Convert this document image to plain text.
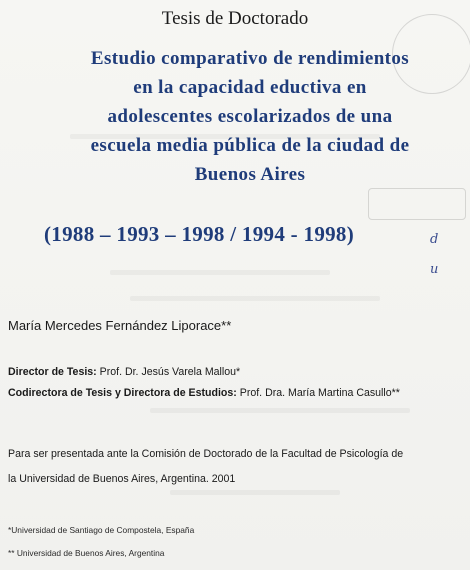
Tesis de Doctorado
Estudio comparativo de rendimientos
en la capacidad eductiva en
adolescentes escolarizados de una
escuela media pública de la ciudad de
Buenos Aires
(1988 – 1993 – 1998 / 1994 - 1998)	d
u
María Mercedes Fernández Liporace**
Director de Tesis: Prof. Dr. Jesús Varela Mallou*
Codirectora de Tesis y Directora de Estudios: Prof. Dra. María Martina Casullo**
Para ser presentada ante la Comisión de Doctorado de la Facultad de Psicología de
la Universidad de Buenos Aires, Argentina. 2001
*Universidad de Santiago de Compostela, España
** Universidad de Buenos Aires, Argentina
